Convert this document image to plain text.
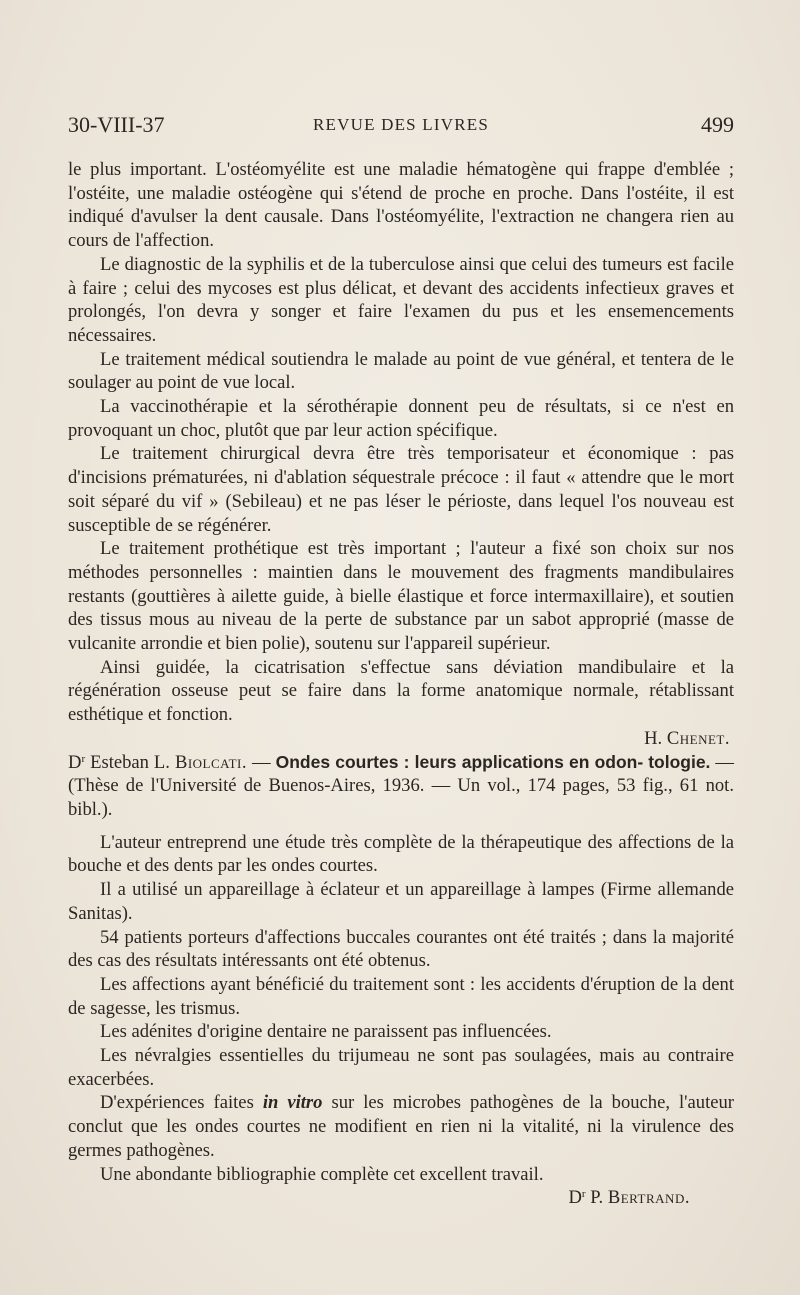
30-VIII-37	REVUE DES LIVRES	499

le plus important. L'ostéomyélite est une maladie hématogène qui frappe d'emblée ; l'ostéite, une maladie ostéogène qui s'étend de proche en proche. Dans l'ostéite, il est indiqué d'avulser la dent causale. Dans l'ostéomyélite, l'extraction ne changera rien au cours de l'affection.

Le diagnostic de la syphilis et de la tuberculose ainsi que celui des tumeurs est facile à faire ; celui des mycoses est plus délicat, et devant des accidents infectieux graves et prolongés, l'on devra y songer et faire l'examen du pus et les ensemencements nécessaires.

Le traitement médical soutiendra le malade au point de vue général, et tentera de le soulager au point de vue local.

La vaccinothérapie et la sérothérapie donnent peu de résultats, si ce n'est en provoquant un choc, plutôt que par leur action spécifique.

Le traitement chirurgical devra être très temporisateur et économique : pas d'incisions prématurées, ni d'ablation séquestrale précoce : il faut « attendre que le mort soit séparé du vif » (Sebileau) et ne pas léser le périoste, dans lequel l'os nouveau est susceptible de se régénérer.

Le traitement prothétique est très important ; l'auteur a fixé son choix sur nos méthodes personnelles : maintien dans le mouvement des fragments mandibulaires restants (gouttières à ailette guide, à bielle élastique et force intermaxillaire), et soutien des tissus mous au niveau de la perte de substance par un sabot approprié (masse de vulcanite arrondie et bien polie), soutenu sur l'appareil supérieur.

Ainsi guidée, la cicatrisation s'effectue sans déviation mandibulaire et la régénération osseuse peut se faire dans la forme anatomique normale, rétablissant esthétique et fonction.

H. Chenet.

$D^r$ Esteban L. Biolcati. — Ondes courtes : leurs applications en odon- tologie. — (Thèse de l'Université de Buenos-Aires, 1936. — Un vol., 174 pages, 53 fig., 61 not. bibl.).

L'auteur entreprend une étude très complète de la thérapeutique des affections de la bouche et des dents par les ondes courtes.

Il a utilisé un appareillage à éclateur et un appareillage à lampes (Firme allemande Sanitas).

54 patients porteurs d'affections buccales courantes ont été traités ; dans la majorité des cas des résultats intéressants ont été obtenus.

Les affections ayant bénéficié du traitement sont : les accidents d'éruption de la dent de sagesse, les trismus.

Les adénites d'origine dentaire ne paraissent pas influencées.

Les névralgies essentielles du trijumeau ne sont pas soulagées, mais au contraire exacerbées.

D'expériences faites in vitro sur les microbes pathogènes de la bouche, l'auteur conclut que les ondes courtes ne modifient en rien ni la vitalité, ni la virulence des germes pathogènes.

Une abondante bibliographie complète cet excellent travail.

$D^r$ P. Bertrand.
